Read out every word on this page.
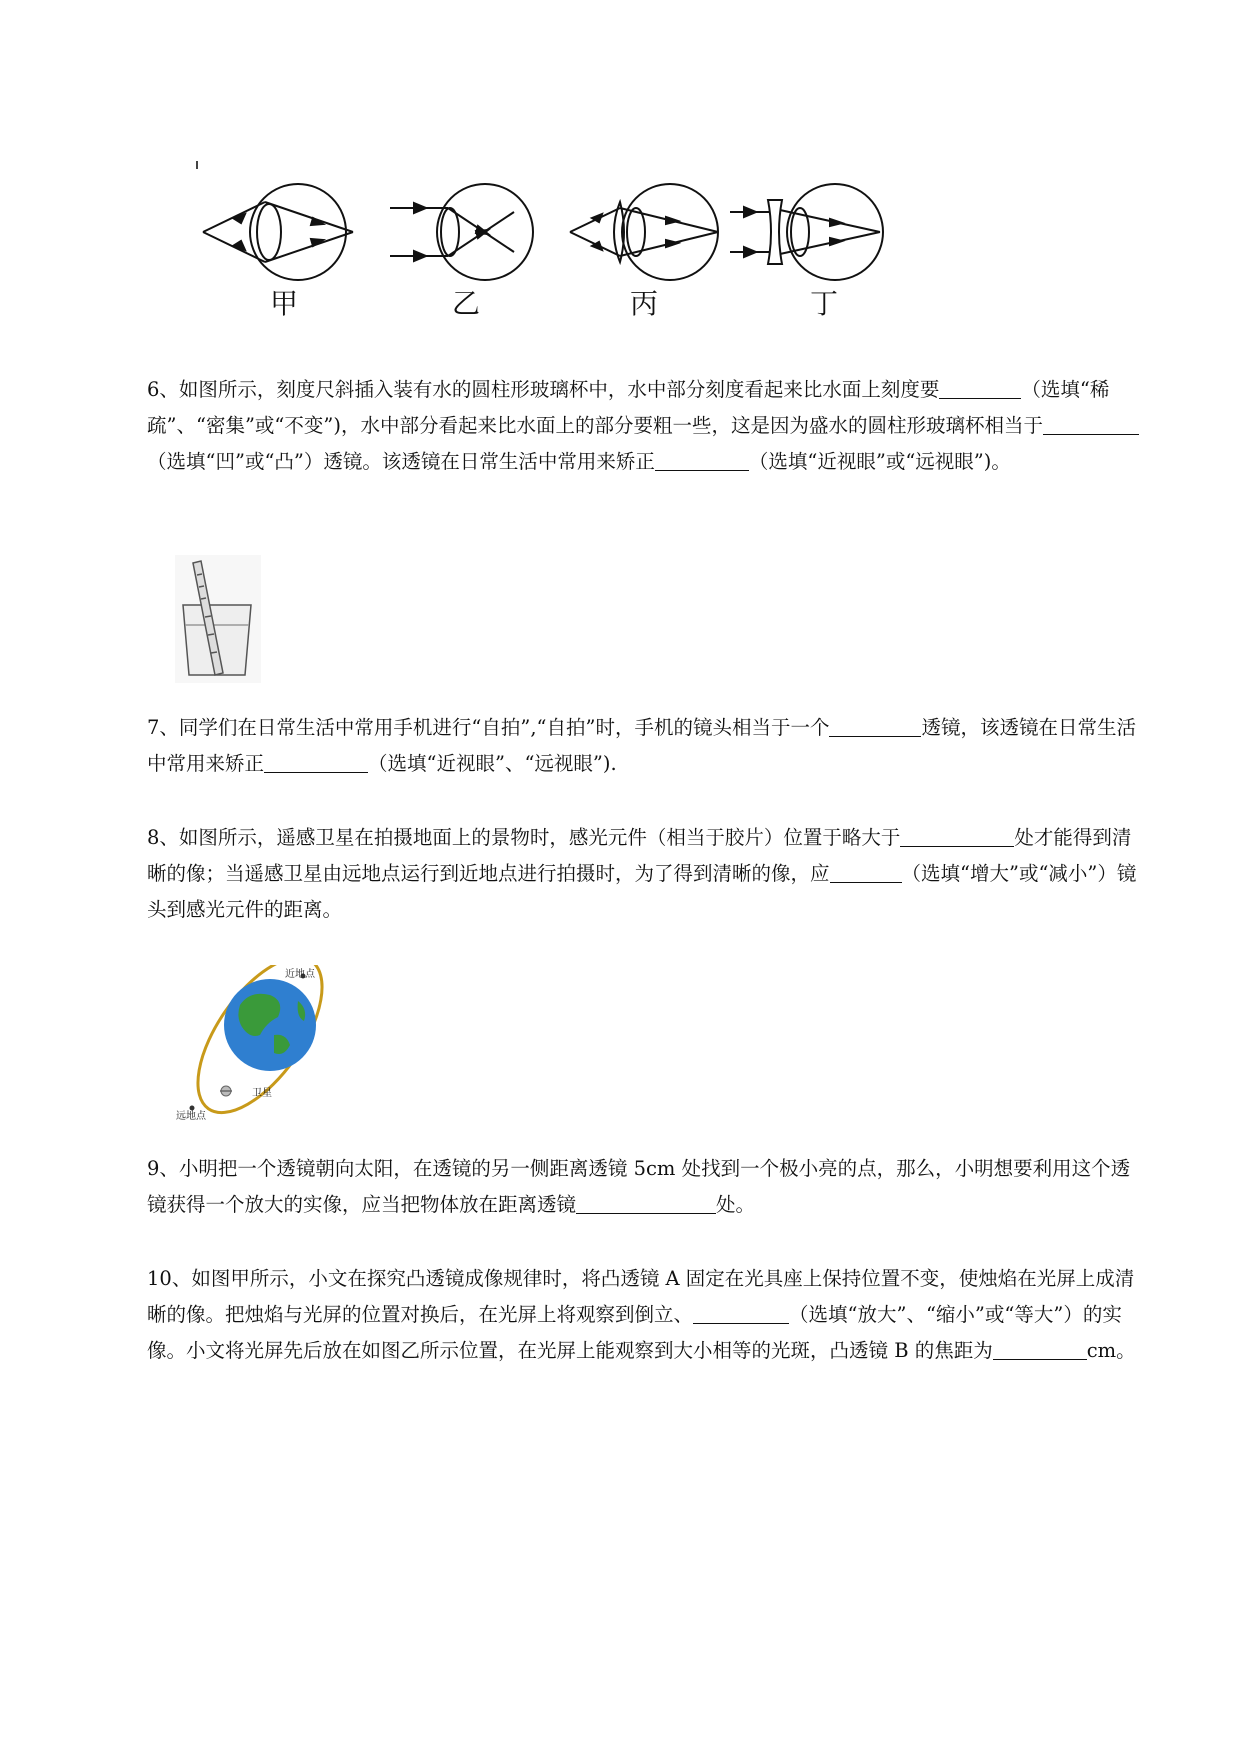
甲	乙	丙	丁

6、如图所示，刻度尺斜插入装有水的圆柱形玻璃杯中，水中部分刻度看起来比水面上刻度要	（选填“稀疏”、“密集”或“不变”)，水中部分看起来比水面上的部分要粗一些，这是因为盛水的圆柱形玻璃杯相当于（选填“凹”或“凸”）透镜。该透镜在日常生活中常用来矫正	（选填“近视眼”或“远视眼”)。

7、同学们在日常生活中常用手机进行“自拍”,“自拍”时，手机的镜头相当于一个	透镜，该透镜在日常生活中常用来矫正	（选填“近视眼”、“远视眼”).

8、如图所示，遥感卫星在拍摄地面上的景物时，感光元件（相当于胶片）位置于略大于	处才能得到清晰的像；当遥感卫星由远地点运行到近地点进行拍摄时，为了得到清晰的像，应	（选填“增大”或“减小”）镜头到感光元件的距离。

近地点
远地点
卫星

9、小明把一个透镜朝向太阳，在透镜的另一侧距离透镜 5cm 处找到一个极小亮的点，那么，小明想要利用这个透镜获得一个放大的实像，应当把物体放在距离透镜	处。

10、如图甲所示，小文在探究凸透镜成像规律时，将凸透镜 A 固定在光具座上保持位置不变，使烛焰在光屏上成清晰的像。把烛焰与光屏的位置对换后，在光屏上将观察到倒立、	（选填“放大”、“缩小”或“等大”）的实像。小文将光屏先后放在如图乙所示位置，在光屏上能观察到大小相等的光斑，凸透镜 B 的焦距为	cm。
